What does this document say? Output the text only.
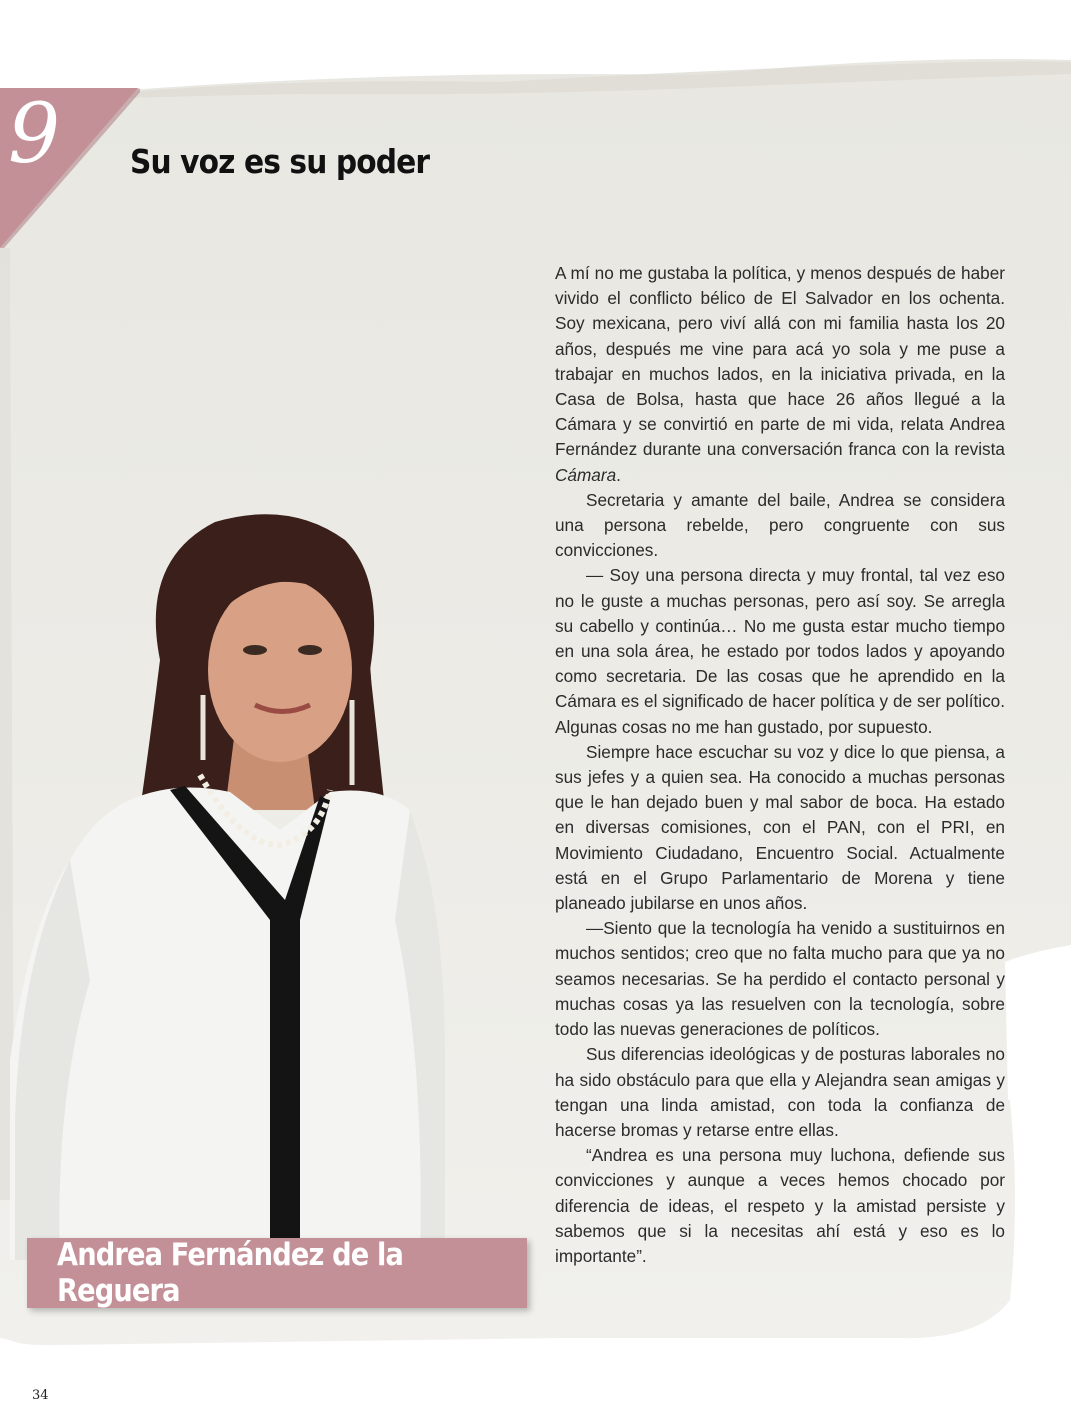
9 Su voz es su poder

A mí no me gustaba la política, y menos después de haber vivido el conflicto bélico de El Salvador en los ochenta. Soy mexicana, pero viví allá con mi familia hasta los 20 años, después me vine para acá yo sola y me puse a trabajar en muchos lados, en la iniciativa privada, en la Casa de Bolsa, hasta que hace 26 años llegué a la Cámara y se convirtió en parte de mi vida, relata Andrea Fernández durante una conversación franca con la revista Cámara.

Secretaria y amante del baile, Andrea se considera una persona rebelde, pero congruente con sus convicciones.

— Soy una persona directa y muy frontal, tal vez eso no le guste a muchas personas, pero así soy. Se arregla su cabello y continúa… No me gusta estar mucho tiempo en una sola área, he estado por todos lados y apoyando como secretaria. De las cosas que he aprendido en la Cámara es el significado de hacer política y de ser político. Algunas cosas no me han gustado, por supuesto.

Siempre hace escuchar su voz y dice lo que piensa, a sus jefes y a quien sea. Ha conocido a muchas personas que le han dejado buen y mal sabor de boca. Ha estado en diversas comisiones, con el PAN, con el PRI, en Movimiento Ciudadano, Encuentro Social. Actualmente está en el Grupo Parlamentario de Morena y tiene planeado jubilarse en unos años.

—Siento que la tecnología ha venido a sustituirnos en muchos sentidos; creo que no falta mucho para que ya no seamos necesarias. Se ha perdido el contacto personal y muchas cosas ya las resuelven con la tecnología, sobre todo las nuevas generaciones de políticos.

Sus diferencias ideológicas y de posturas laborales no ha sido obstáculo para que ella y Alejandra sean amigas y tengan una linda amistad, con toda la confianza de hacerse bromas y retarse entre ellas.

“Andrea es una persona muy luchona, defiende sus convicciones y aunque a veces hemos chocado por diferencia de ideas, el respeto y la amistad persiste y sabemos que si la necesitas ahí está y eso es lo importante”.

Andrea Fernández de la Reguera
34
